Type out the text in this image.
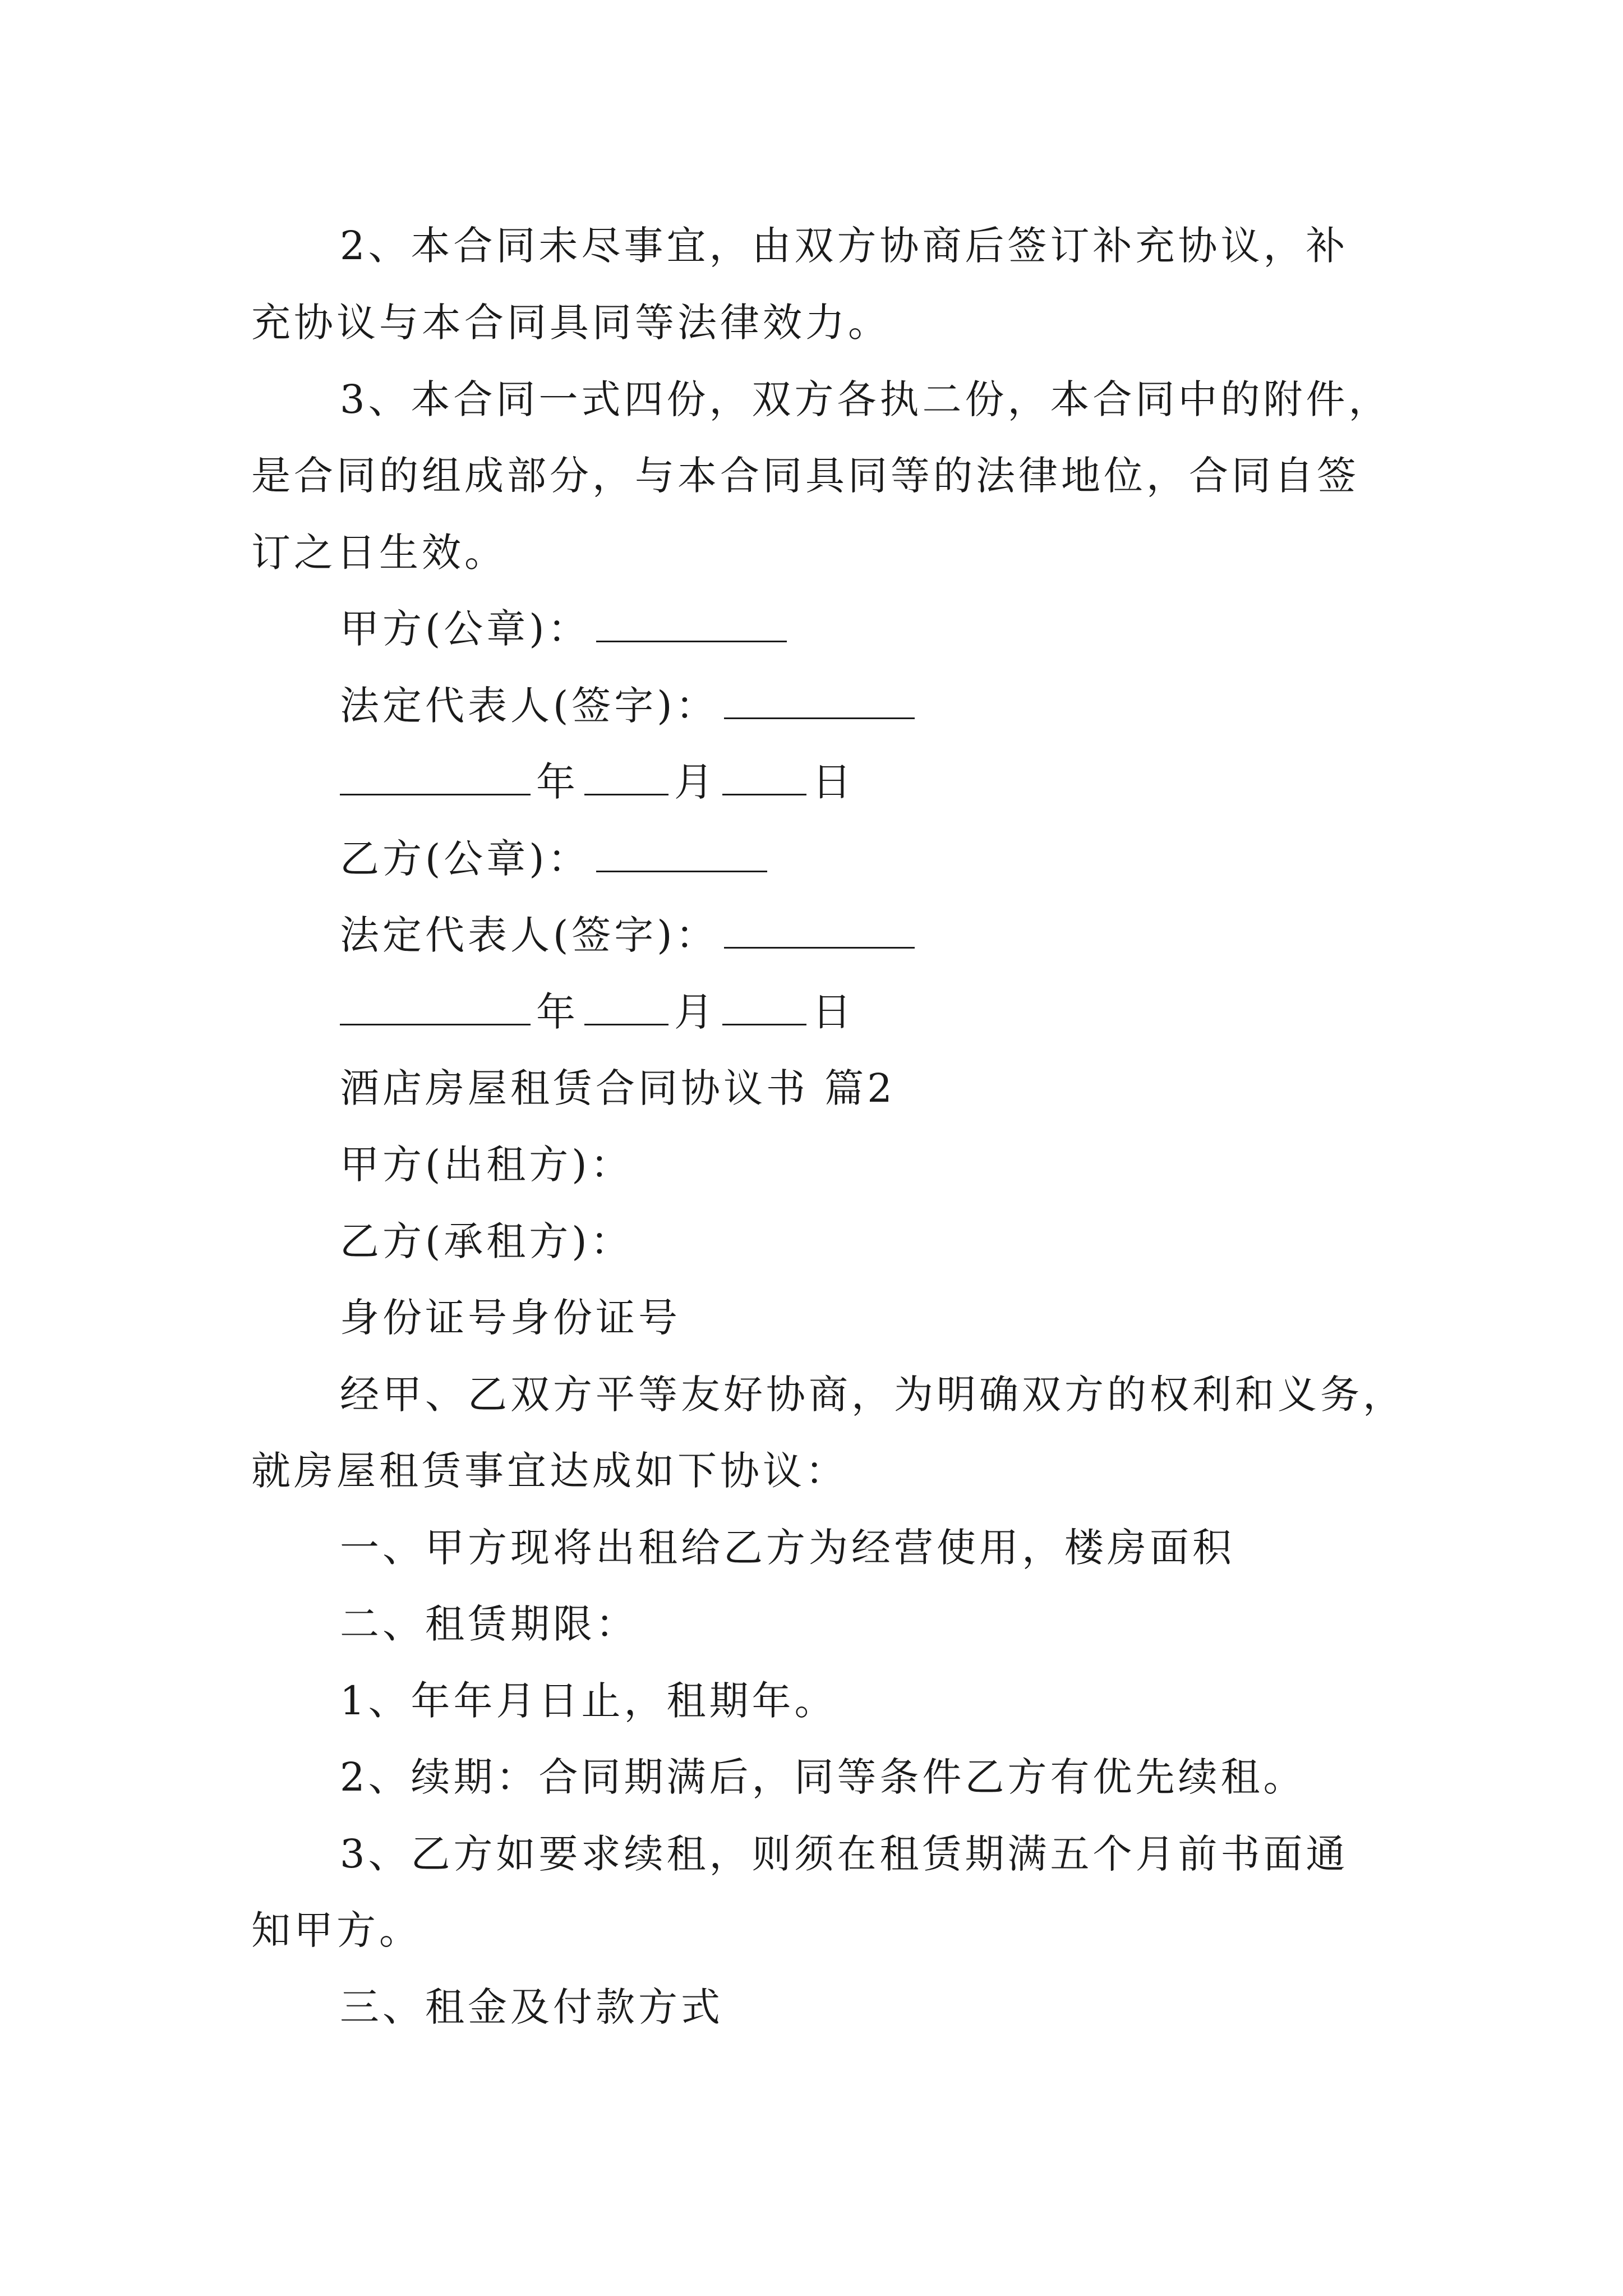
2、本合同未尽事宜，由双方协商后签订补充协议，补

充协议与本合同具同等法律效力。

3、本合同一式四份，双方各执二份，本合同中的附件，

是合同的组成部分，与本合同具同等的法律地位，合同自签

订之日生效。

甲方(公章)：

法定代表人(签字)：

年 月 日

乙方(公章)：

法定代表人(签字)：

年 月 日

酒店房屋租赁合同协议书 篇2

甲方(出租方)：

乙方(承租方)：

身份证号身份证号

经甲、乙双方平等友好协商，为明确双方的权利和义务，

就房屋租赁事宜达成如下协议：

一、甲方现将出租给乙方为经营使用，楼房面积

二、租赁期限：

1、年年月日止，租期年。

2、续期：合同期满后，同等条件乙方有优先续租。

3、乙方如要求续租，则须在租赁期满五个月前书面通

知甲方。

三、租金及付款方式
